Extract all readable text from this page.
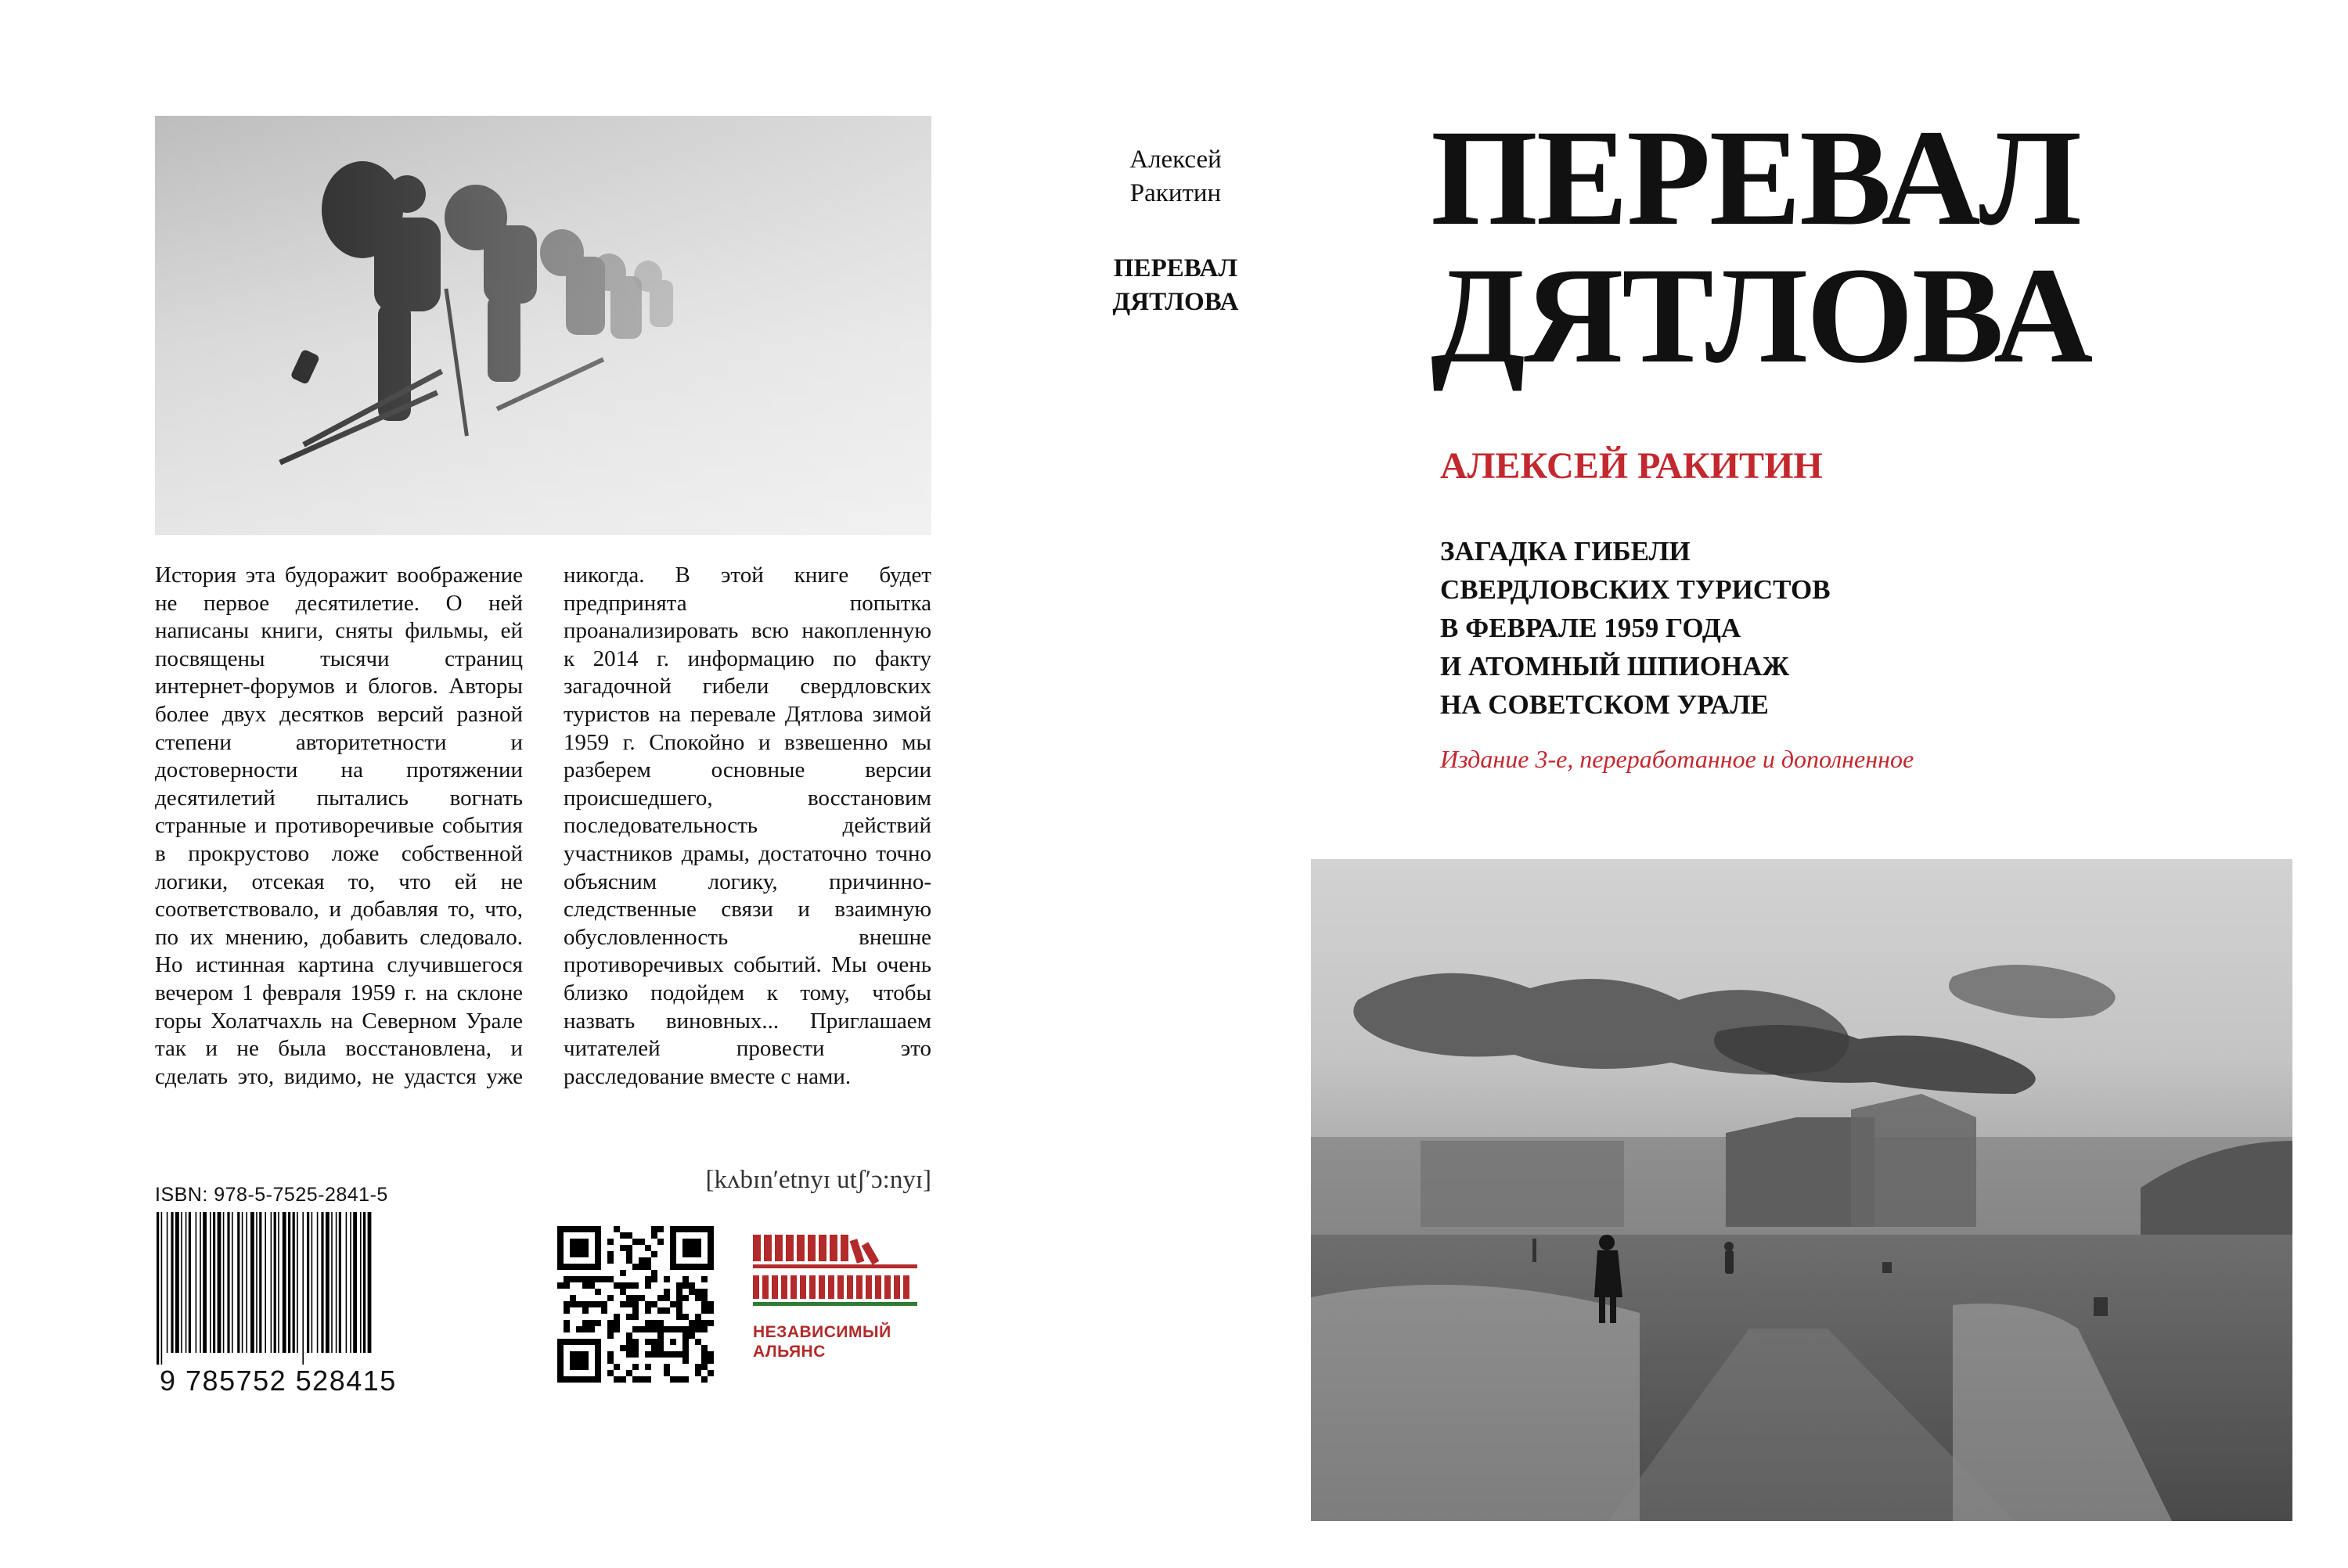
История эта будоражит воображение не первое десятилетие. О ней написаны книги, сняты фильмы, ей посвящены тысячи страниц интернет-форумов и блогов. Авторы более двух десятков версий разной степени авторитетности и достоверности на протяжении десятилетий пытались вогнать странные и противоречивые события в прокрустово ложе собственной логики, отсекая то, что ей не соответствовало, и добавляя то, что, по их мнению, добавить следовало. Но истинная картина случившегося вечером 1 февраля 1959 г. на склоне горы Холатчахль на Северном Урале так и не была восстановлена, и сделать это, видимо, не удастся уже никогда. В этой книге будет предпринята попытка проанализировать всю накопленную к 2014 г. информацию по факту загадочной гибели свердловских туристов на перевале Дятлова зимой 1959 г. Спокойно и взвешенно мы разберем основные версии происшедшего, восстановим последовательность действий участников драмы, достаточно точно объясним логику, причинно-следственные связи и взаимную обусловленность внешне противоречивых событий. Мы очень близко подойдем к тому, чтобы назвать виновных... Приглашаем читателей провести это расследование вместе с нами.

ISBN: 978-5-7525-2841-5
9 785752 528415
[kʌbɪn′etnyɪ utʃ′ɔ:nyɪ]
НЕЗАВИСИМЫЙ
АЛЬЯНС
Алексей Ракитин
ПЕРЕВАЛ ДЯТЛОВА
ПЕРЕВАЛ
ДЯТЛОВА
АЛЕКСЕЙ РАКИТИН
ЗАГАДКА ГИБЕЛИ
СВЕРДЛОВСКИХ ТУРИСТОВ
В ФЕВРАЛЕ 1959 ГОДА
И АТОМНЫЙ ШПИОНАЖ
НА СОВЕТСКОМ УРАЛЕ
Издание 3-е, переработанное и дополненное
